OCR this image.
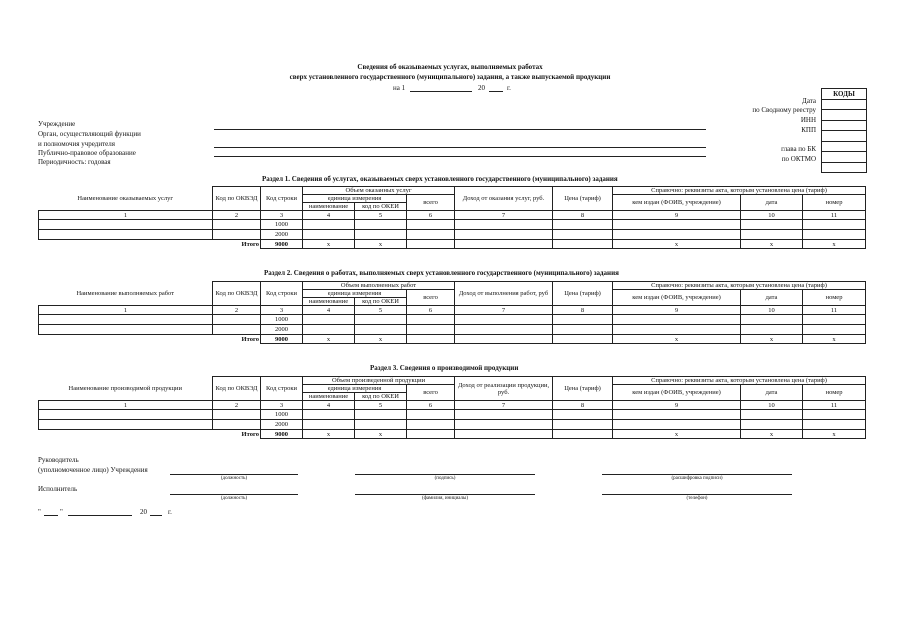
Сведения об оказываемых услугах, выполняемых работах
сверх установленного государственного (муниципального) задания, а также выпускаемой продукции
на 1	20	г.
КОДЫ

Дата
по Сводному реестру
ИНН
КПП
глава по БК
по ОКТМО
Учреждение
Орган, осуществляющий функции
и полномочия учредителя
Публично-правовое образование
Периодичность: годовая
Раздел 1. Сведения об услугах, оказываемых сверх установленного государственного (муниципального) задания
Наименование оказываемых услуг	Код по ОКВЭД	Код строки	Объем оказанных услуг			Доход от оказания услуг, руб.	Цена (тариф)	Справочно: реквизиты акта, которым установлена цена (тариф)		
			единица измерения		всего			кем издан (ФОИВ, учреждение)	дата	номер
			наименование	код по ОКЕИ						
1	2	3	4	5	6	7	8	9	10	11
		1000								
		2000								
Итого		9000	x	x				x	x	x
Раздел 2. Сведения о работах, выполняемых сверх установленного государственного (муниципального) задания
Наименование выполняемых работ	Код по ОКВЭД	Код строки	Объем выполненных работ			Доход от выполнения работ, руб	Цена (тариф)	Справочно: реквизиты акта, которым установлена цена (тариф)		
			единица измерения		всего			кем издан (ФОИВ, учреждение)	дата	номер
			наименование	код по ОКЕИ						
1	2	3	4	5	6	7	8	9	10	11
		1000								
		2000								
Итого		9000	x	x				x	x	x
Раздел 3. Сведения о производимой продукции
Наименование производимой продукции	Код по ОКВЭД	Код строки	Объем произведенной продукции			Доход от реализации продукции, руб.	Цена (тариф)	Справочно: реквизиты акта, которым установлена цена (тариф)		
			единица измерения		всего			кем издан (ФОИВ, учреждение)	дата	номер
			наименование	код по ОКЕИ						
1	2	3	4	5	6	7	8	9	10	11
		1000								
		2000								
Итого		9000	x	x				x	x	x
Руководитель
(уполномоченное лицо) Учреждения
(должность)	(подпись)	(расшифровка подписи)
Исполнитель
(должность)	(фамилия, инициалы)	(телефон)
"	"	20	г.
